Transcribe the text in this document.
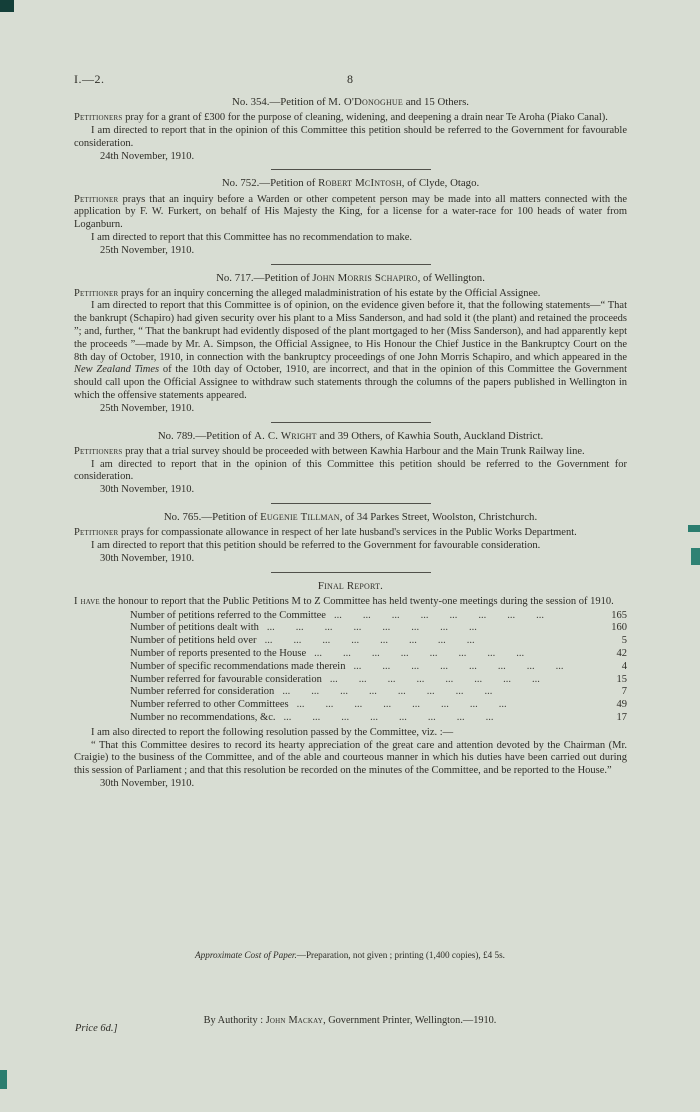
I.—2.	8
No. 354.—Petition of M. O'Donoghue and 15 Others.

Petitioners pray for a grant of £300 for the purpose of cleaning, widening, and deepening a drain near Te Aroha (Piako Canal).

I am directed to report that in the opinion of this Committee this petition should be referred to the Government for favourable consideration.

24th November, 1910.

No. 752.—Petition of Robert McIntosh, of Clyde, Otago.

Petitioner prays that an inquiry before a Warden or other competent person may be made into all matters connected with the application by F. W. Furkert, on behalf of His Majesty the King, for a license for a water-race for 100 heads of water from Loganburn.

I am directed to report that this Committee has no recommendation to make.

25th November, 1910.

No. 717.—Petition of John Morris Schapiro, of Wellington.

Petitioner prays for an inquiry concerning the alleged maladministration of his estate by the Official Assignee.

I am directed to report that this Committee is of opinion, on the evidence given before it, that the following statements—“ That the bankrupt (Schapiro) had given security over his plant to a Miss Sanderson, and had sold it (the plant) and retained the proceeds ”; and, further, “ That the bankrupt had evidently disposed of the plant mortgaged to her (Miss Sanderson), and had apparently kept the proceeds ”—made by Mr. A. Simpson, the Official Assignee, to His Honour the Chief Justice in the Bankruptcy Court on the 8th day of October, 1910, in connection with the bankruptcy proceedings of one John Morris Schapiro, and which appeared in the New Zealand Times of the 10th day of October, 1910, are incorrect, and that in the opinion of this Committee the Government should call upon the Official Assignee to withdraw such statements through the columns of the papers published in Wellington in which the offensive statements appeared.

25th November, 1910.

No. 789.—Petition of A. C. Wright and 39 Others, of Kawhia South, Auckland District.

Petitioners pray that a trial survey should be proceeded with between Kawhia Harbour and the Main Trunk Railway line.

I am directed to report that in the opinion of this Committee this petition should be referred to the Government for consideration.

30th November, 1910.

No. 765.—Petition of Eugenie Tillman, of 34 Parkes Street, Woolston, Christchurch.

Petitioner prays for compassionate allowance in respect of her late husband's services in the Public Works Department.

I am directed to report that this petition should be referred to the Government for favourable consideration.

30th November, 1910.

Final Report.

I have the honour to report that the Public Petitions M to Z Committee has held twenty-one meetings during the session of 1910.

Number of petitions referred to the Committee ...  ...  ...  ...  ...  ...  ...  ...	165
Number of petitions dealt with ...  ...  ...  ...  ...  ...  ...  ...	160
Number of petitions held over ...  ...  ...  ...  ...  ...  ...  ...	5
Number of reports presented to the House ...  ...  ...  ...  ...  ...  ...  ...	42
Number of specific recommendations made therein ...  ...  ...  ...  ...  ...  ...  ...	4
Number referred for favourable consideration ...  ...  ...  ...  ...  ...  ...  ...	15
Number referred for consideration ...  ...  ...  ...  ...  ...  ...  ...	7
Number referred to other Committees ...  ...  ...  ...  ...  ...  ...  ...	49
Number no recommendations, &c. ...  ...  ...  ...  ...  ...  ...  ...	17

I am also directed to report the following resolution passed by the Committee, viz. :—

“ That this Committee desires to record its hearty appreciation of the great care and attention devoted by the Chairman (Mr. Craigie) to the business of the Committee, and of the able and courteous manner in which his duties have been carried out during this session of Parliament ; and that this resolution be recorded on the minutes of the Committee, and be reported to the House.”

30th November, 1910.

Approximate Cost of Paper.—Preparation, not given ; printing (1,400 copies), £4 5s.

By Authority : John Mackay, Government Printer, Wellington.—1910.

Price 6d.]
